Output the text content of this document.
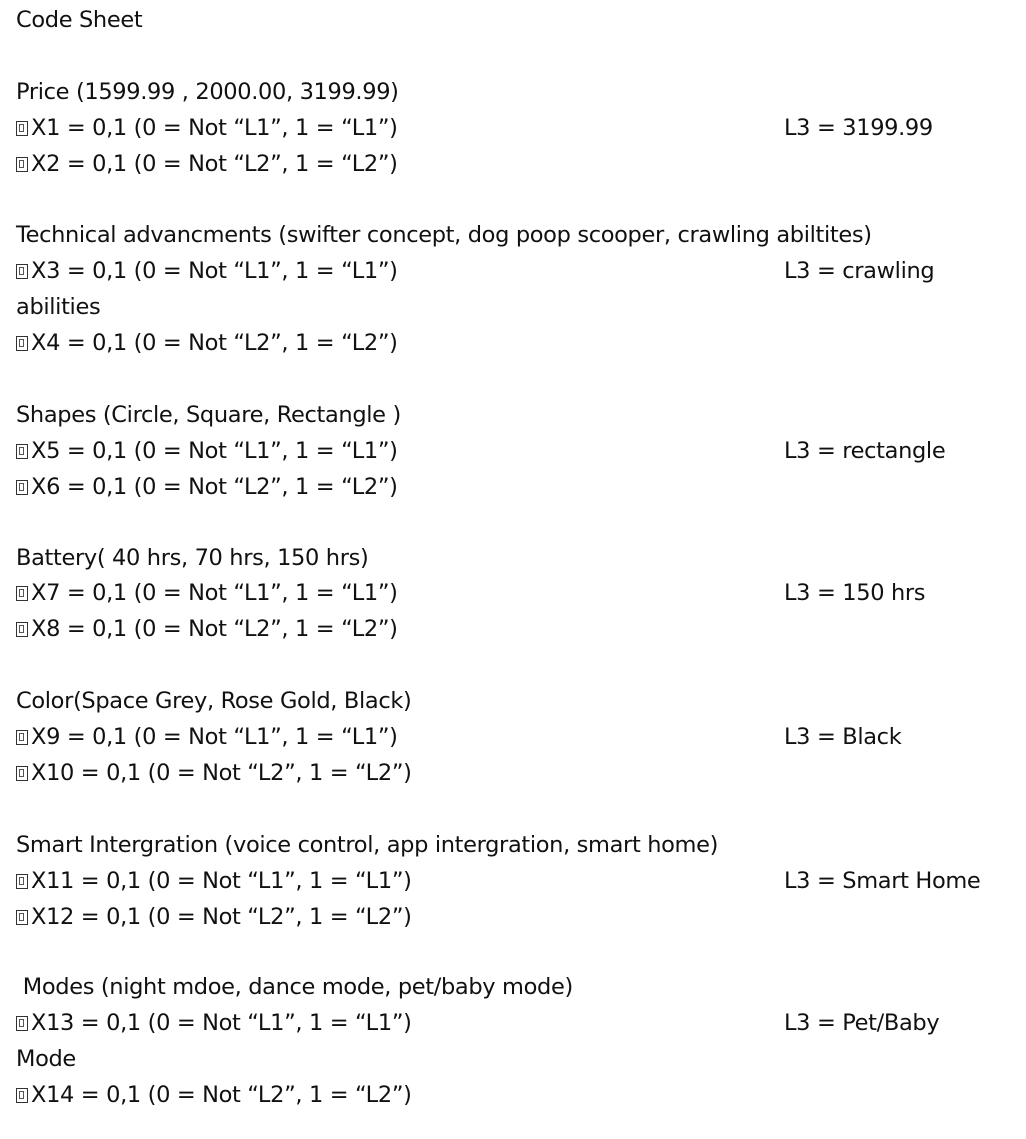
Code Sheet
Price (1599.99 , 2000.00, 3199.99)
X1 = 0,1 (0 = Not “L1”, 1 = “L1”)	L3 = 3199.99
X2 = 0,1 (0 = Not “L2”, 1 = “L2”)
Technical advancments (swifter concept, dog poop scooper, crawling abiltites)
X3 = 0,1 (0 = Not “L1”, 1 = “L1”)	L3 = crawling
abilities
X4 = 0,1 (0 = Not “L2”, 1 = “L2”)
Shapes (Circle, Square, Rectangle )
X5 = 0,1 (0 = Not “L1”, 1 = “L1”)	L3 = rectangle
X6 = 0,1 (0 = Not “L2”, 1 = “L2”)
Battery( 40 hrs, 70 hrs, 150 hrs)
X7 = 0,1 (0 = Not “L1”, 1 = “L1”)	L3 = 150 hrs
X8 = 0,1 (0 = Not “L2”, 1 = “L2”)
Color(Space Grey, Rose Gold, Black)
X9 = 0,1 (0 = Not “L1”, 1 = “L1”)	L3 = Black
X10 = 0,1 (0 = Not “L2”, 1 = “L2”)
Smart Intergration (voice control, app intergration, smart home)
X11 = 0,1 (0 = Not “L1”, 1 = “L1”)	L3 = Smart Home
X12 = 0,1 (0 = Not “L2”, 1 = “L2”)
Modes (night mdoe, dance mode, pet/baby mode)
X13 = 0,1 (0 = Not “L1”, 1 = “L1”)	L3 = Pet/Baby
Mode
X14 = 0,1 (0 = Not “L2”, 1 = “L2”)
